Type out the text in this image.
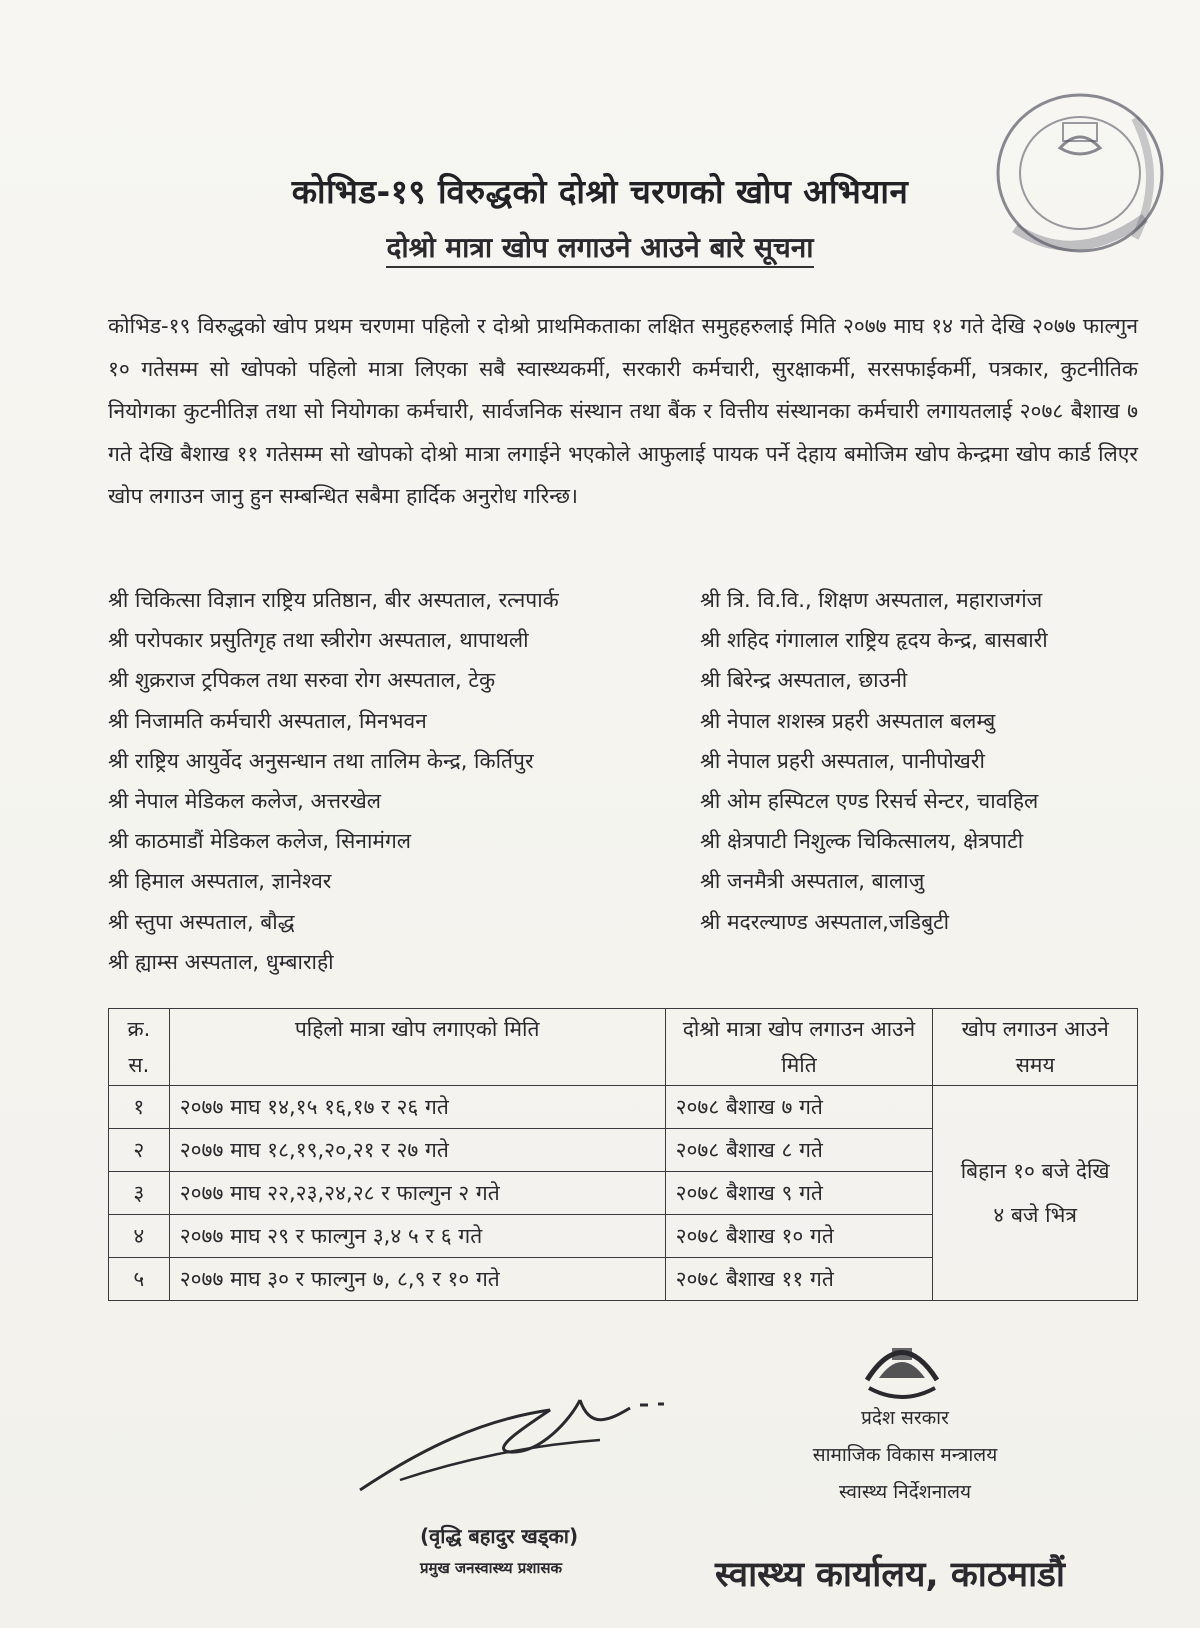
कोभिड-१९ विरुद्धको दोश्रो चरणको खोप अभियान
दोश्रो मात्रा खोप लगाउने आउने बारे सूचना
कोभिड-१९ विरुद्धको खोप प्रथम चरणमा पहिलो र दोश्रो प्राथमिकताका लक्षित समुहहरुलाई मिति २०७७ माघ १४ गते देखि २०७७ फाल्गुन १० गतेसम्म सो खोपको पहिलो मात्रा लिएका सबै स्वास्थ्यकर्मी, सरकारी कर्मचारी, सुरक्षाकर्मी, सरसफाईकर्मी, पत्रकार, कुटनीतिक नियोगका कुटनीतिज्ञ तथा सो नियोगका कर्मचारी, सार्वजनिक संस्थान तथा बैंक र वित्तीय संस्थानका कर्मचारी लगायतलाई २०७८ बैशाख ७ गते देखि बैशाख ११ गतेसम्म सो खोपको दोश्रो मात्रा लगाईने भएकोले आफुलाई पायक पर्ने देहाय बमोजिम खोप केन्द्रमा खोप कार्ड लिएर खोप लगाउन जानु हुन सम्बन्धित सबैमा हार्दिक अनुरोध गरिन्छ।
श्री चिकित्सा विज्ञान राष्ट्रिय प्रतिष्ठान, बीर अस्पताल, रत्नपार्क
श्री परोपकार प्रसुतिगृह तथा स्त्रीरोग अस्पताल, थापाथली
श्री शुक्रराज ट्रपिकल तथा सरुवा रोग अस्पताल, टेकु
श्री निजामति कर्मचारी अस्पताल, मिनभवन
श्री राष्ट्रिय आयुर्वेद अनुसन्धान तथा तालिम केन्द्र, किर्तिपुर
श्री नेपाल मेडिकल कलेज, अत्तरखेल
श्री काठमाडौं मेडिकल कलेज, सिनामंगल
श्री हिमाल अस्पताल, ज्ञानेश्वर
श्री स्तुपा अस्पताल, बौद्ध
श्री ह्याम्स अस्पताल, धुम्बाराही
श्री त्रि. वि.वि., शिक्षण अस्पताल, महाराजगंज
श्री शहिद गंगालाल राष्ट्रिय हृदय केन्द्र, बासबारी
श्री बिरेन्द्र अस्पताल, छाउनी
श्री नेपाल शशस्त्र प्रहरी अस्पताल बलम्बु
श्री नेपाल प्रहरी अस्पताल, पानीपोखरी
श्री ओम हस्पिटल एण्ड रिसर्च सेन्टर, चावहिल
श्री क्षेत्रपाटी निशुल्क चिकित्सालय, क्षेत्रपाटी
श्री जनमैत्री अस्पताल, बालाजु
श्री मदरल्याण्ड अस्पताल,जडिबुटी
क्र. स.	पहिलो मात्रा खोप लगाएको मिति	दोश्रो मात्रा खोप लगाउन आउने मिति	खोप लगाउन आउने समय
१	२०७७ माघ १४,१५ १६,१७ र २६ गते	२०७८ बैशाख ७ गते	बिहान १० बजे देखि ४ बजे भित्र

२	२०७७ माघ १८,१९,२०,२१ र २७ गते	२०७८ बैशाख ८ गते	
३	२०७७ माघ २२,२३,२४,२८ र फाल्गुन २ गते	२०७८ बैशाख ९ गते	
४	२०७७ माघ २९ र फाल्गुन ३,४ ५ र ६ गते	२०७८ बैशाख १० गते	
५	२०७७ माघ ३० र फाल्गुन ७, ८,९ र १० गते	२०७८ बैशाख ११ गते	
प्रदेश सरकार
सामाजिक विकास मन्त्रालय
स्वास्थ्य निर्देशनालय
स्वास्थ्य कार्यालय, काठमाडौं
(वृद्धि बहादुर खड्का)
प्रमुख जनस्वास्थ्य प्रशासक
